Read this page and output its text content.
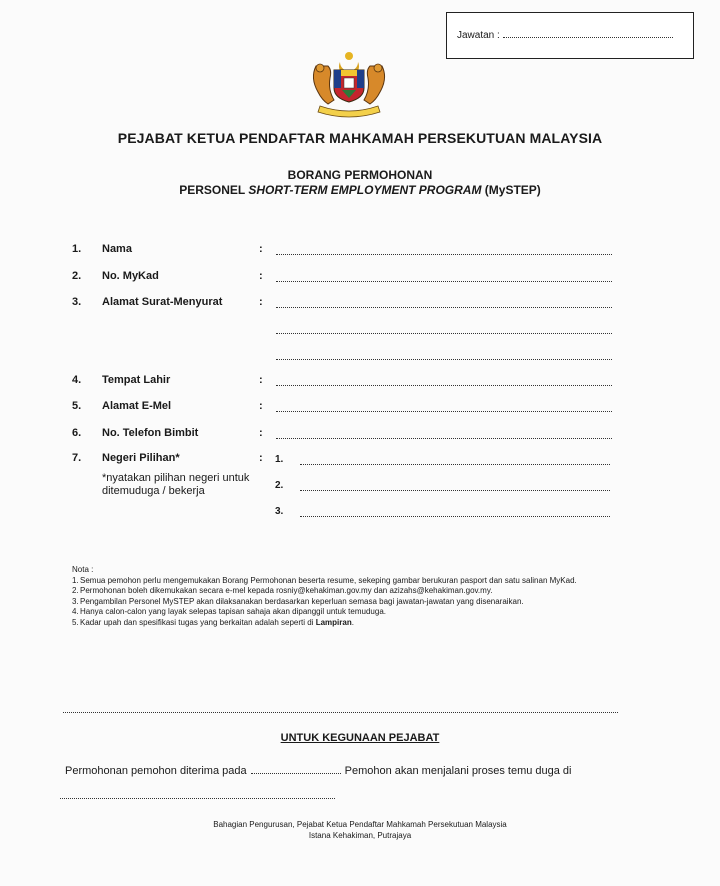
Jawatan :
PEJABAT KETUA PENDAFTAR MAHKAMAH PERSEKUTUAN MALAYSIA
BORANG PERMOHONAN
PERSONEL SHORT-TERM EMPLOYMENT PROGRAM (MySTEP)
1. Nama	:
2. No. MyKad	:
3. Alamat Surat-Menyurat	:
4. Tempat Lahir	:
5. Alamat E-Mel	:
6. No. Telefon Bimbit	:
7. Negeri Pilihan*	:
*nyatakan pilihan negeri untuk ditemuduga / bekerja
1.
2.
3.
Nota :
1. Semua pemohon perlu mengemukakan Borang Permohonan beserta resume, sekeping gambar berukuran pasport dan satu salinan MyKad.
2. Permohonan boleh dikemukakan secara e-mel kepada rosniy@kehakiman.gov.my dan azizahs@kehakiman.gov.my.
3. Pengambilan Personel MySTEP akan dilaksanakan berdasarkan keperluan semasa bagi jawatan-jawatan yang disenaraikan.
4. Hanya calon-calon yang layak selepas tapisan sahaja akan dipanggil untuk temuduga.
5. Kadar upah dan spesifikasi tugas yang berkaitan adalah seperti di Lampiran.
UNTUK KEGUNAAN PEJABAT
Permohonan pemohon diterima pada	Pemohon akan menjalani proses temu duga di
Bahagian Pengurusan, Pejabat Ketua Pendaftar Mahkamah Persekutuan Malaysia
Istana Kehakiman, Putrajaya
